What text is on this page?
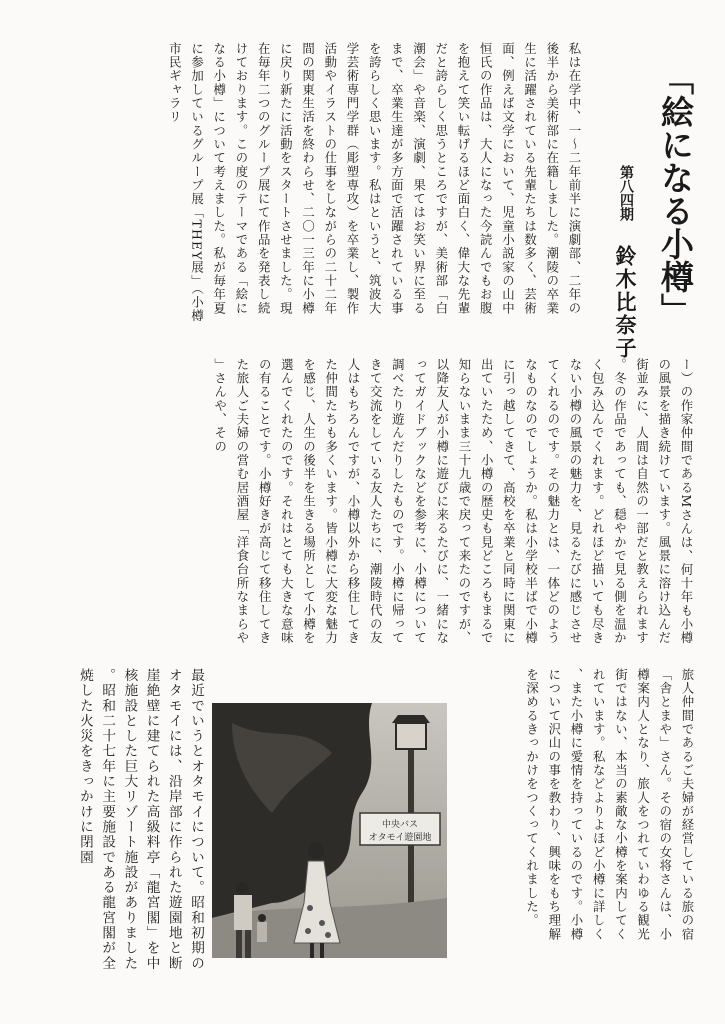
「絵になる小樽」
第八四期
鈴木比奈子
私は在学中、一〜二年前半に演劇部、二年の後半から美術部に在籍しました。潮陵の卒業生に活躍されている先輩たちは数多く、芸術面、例えば文学において、児童小説家の山中恒氏の作品は、大人になった今読んでもお腹を抱えて笑い転げるほど面白く、偉大な先輩だと誇らしく思うところですが、美術部「白潮会」や音楽、演劇、果てはお笑い界に至るまで、卒業生達が多方面で活躍されている事を誇らしく思います。私はというと、筑波大学芸術専門学群（彫塑専攻）を卒業し、製作活動やイラストの仕事をしながらの二十二年間の関東生活を終わらせ、二〇一三年に小樽に戻り新たに活動をスタートさせました。現在毎年二つのグループ展にて作品を発表し続けております。この度のテーマである「絵になる小樽」について考えました。私が毎年夏に参加しているグループ展「THEY展」（小樽市民ギャラリ
ー）の作家仲間であるMさんは、何十年も小樽の風景を描き続けています。風景に溶け込んだ街並みに、人間は自然の一部だと教えられます。冬の作品であっても、穏やかで見る側を温かく包み込んでくれます。どれほど描いても尽きない小樽の風景の魅力を、見るたびに感じさせてくれるのです。その魅力とは、一体どのようなものなのでしょうか。私は小学校半ばで小樽に引っ越してきて、高校を卒業と同時に関東に出ていたため、小樽の歴史も見どころもまるで知らないまま三十九歳で戻って来たのですが、以降友人が小樽に遊びに来るたびに、一緒になってガイドブックなどを参考に、小樽について調べたり遊んだりしたものです。小樽に帰ってきて交流をしている友人たちに、潮陵時代の友人はもちろんですが、小樽以外から移住してきた仲間たちも多くいます。皆小樽に大変な魅力を感じ、人生の後半を生きる場所として小樽を選んでくれたのです。それはとても大きな意味の有ることです。小樽好きが高じて移住してきた旅人ご夫婦の営む居酒屋「洋食台所なまらや」さんや、その
旅人仲間であるご夫婦が経営している旅の宿「舎とまや」さん。その宿の女将さんは、小樽案内人となり、旅人をつれていわゆる観光街ではない、本当の素敵な小樽を案内してくれています。私などよりよほど小樽に詳しく、また小樽に愛情を持っているのです。小樽について沢山の事を教わり、興味をもち理解を深めるきっかけをつくってくれました。
最近でいうとオタモイについて。昭和初期のオタモイには、沿岸部に作られた遊園地と断崖絶壁に建てられた高級料亭「龍宮閣」を中核施設とした巨大リゾート施設がありました。昭和二十七年に主要施設である龍宮閣が全焼した火災をきっかけに閉園	中央バス
オタモイ遊園地
